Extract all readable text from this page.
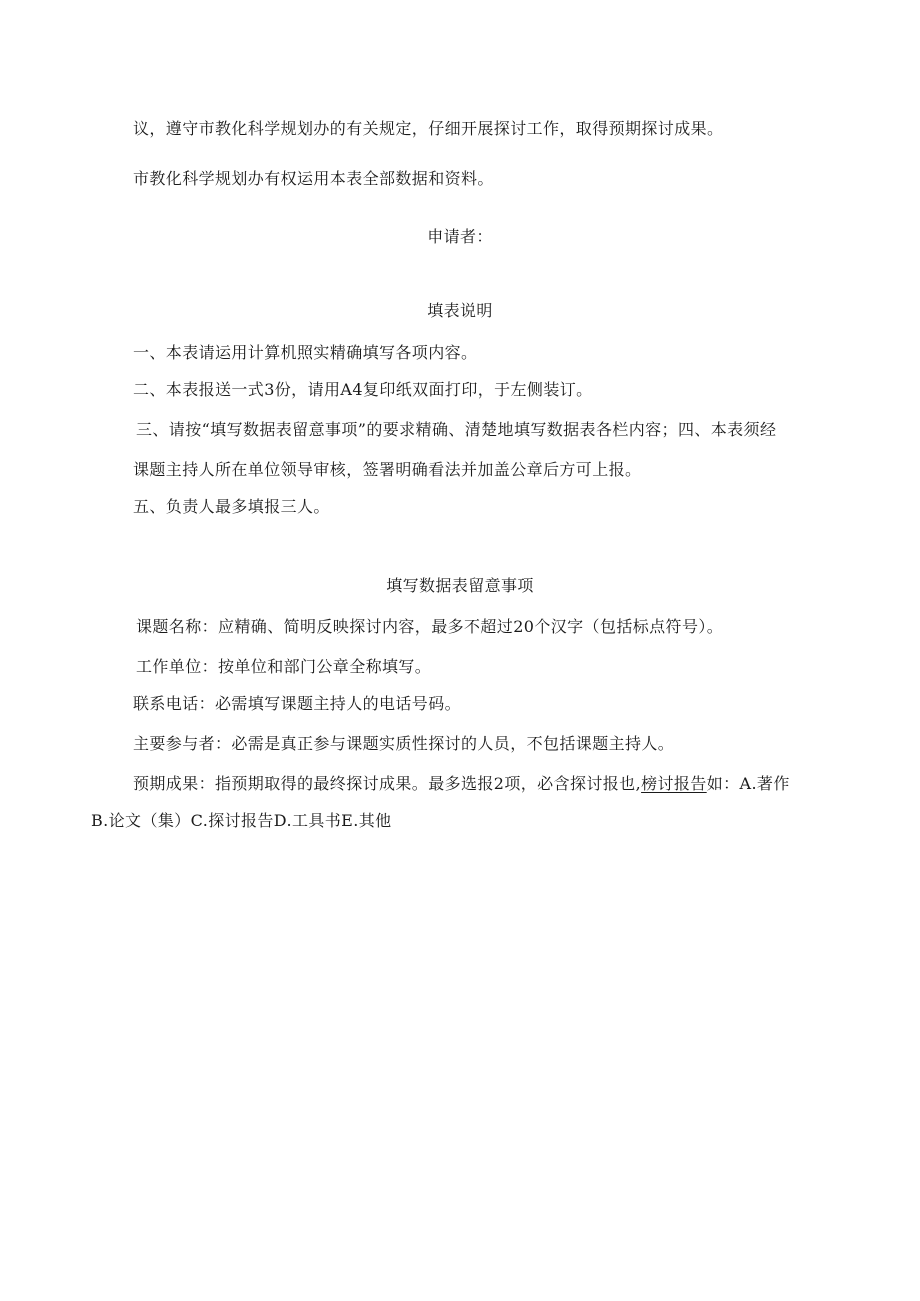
议，遵守市教化科学规划办的有关规定，仔细开展探讨工作，取得预期探讨成果。
市教化科学规划办有权运用本表全部数据和资料。
申请者：
填表说明
一、本表请运用计算机照实精确填写各项内容。
二、本表报送一式3份，请用A4复印纸双面打印，于左侧装订。
三、请按“填写数据表留意事项”的要求精确、清楚地填写数据表各栏内容；四、本表须经
课题主持人所在单位领导审核，签署明确看法并加盖公章后方可上报。
五、负责人最多填报三人。
填写数据表留意事项
课题名称：应精确、简明反映探讨内容，最多不超过20个汉字（包括标点符号）。
工作单位：按单位和部门公章全称填写。
联系电话：必需填写课题主持人的电话号码。
主要参与者：必需是真正参与课题实质性探讨的人员，不包括课题主持人。
预期成果：指预期取得的最终探讨成果。最多选报2项，必含探讨报也,榜讨报告如：A.著作
B.论文（集）C.探讨报告D.工具书E.其他
